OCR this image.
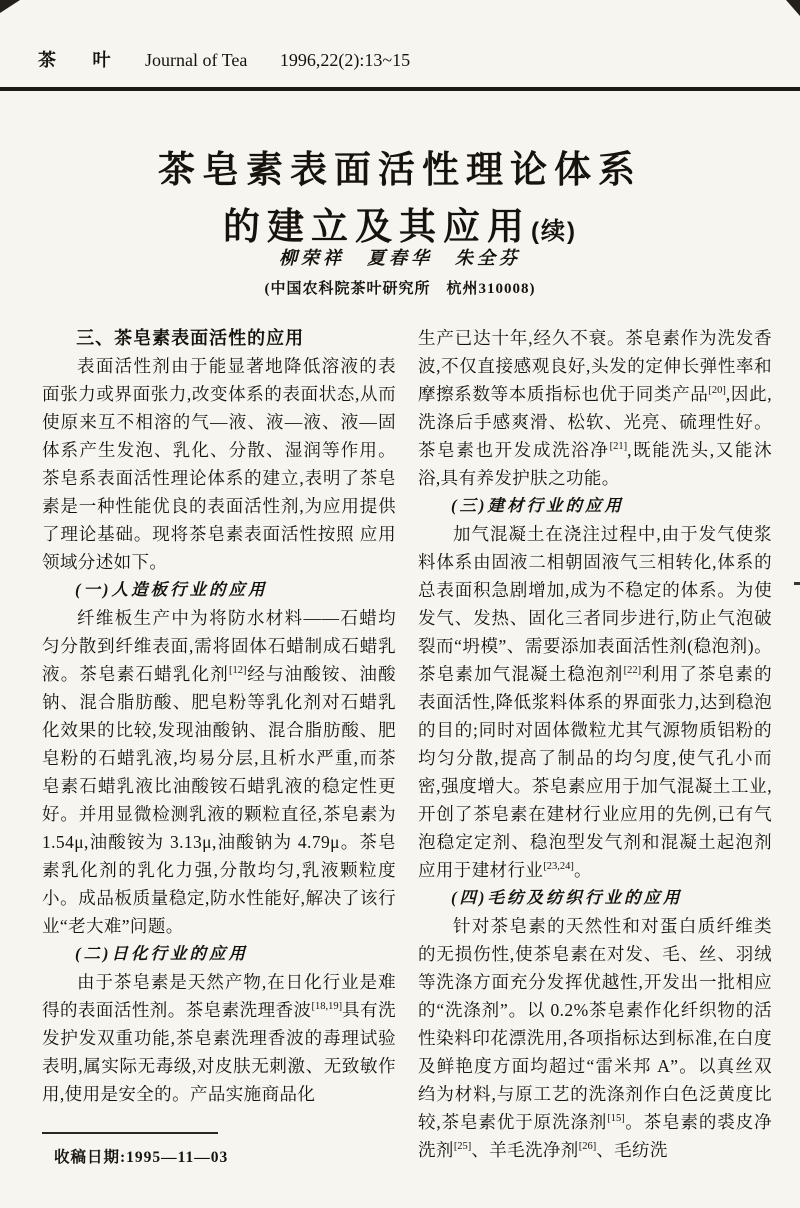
茶 叶 Journal of Tea 1996,22(2):13~15
茶皂素表面活性理论体系
的建立及其应用(续)
柳荣祥　夏春华　朱全芬
(中国农科院茶叶研究所　杭州310008)
三、茶皂素表面活性的应用

表面活性剂由于能显著地降低溶液的表面张力或界面张力,改变体系的表面状态,从而使原来互不相溶的气—液、液—液、液—固体系产生发泡、乳化、分散、湿润等作用。茶皂系表面活性理论体系的建立,表明了茶皂素是一种性能优良的表面活性剂,为应用提供了理论基础。现将茶皂素表面活性按照 应用领域分述如下。

(一)人造板行业的应用

纤维板生产中为将防水材料——石蜡均匀分散到纤维表面,需将固体石蜡制成石蜡乳液。茶皂素石蜡乳化剂[12]经与油酸铵、油酸钠、混合脂肪酸、肥皂粉等乳化剂对石蜡乳化效果的比较,发现油酸钠、混合脂肪酸、肥皂粉的石蜡乳液,均易分层,且析水严重,而茶皂素石蜡乳液比油酸铵石蜡乳液的稳定性更好。并用显微检测乳液的颗粒直径,茶皂素为 1.54μ,油酸铵为 3.13μ,油酸钠为 4.79μ。茶皂素乳化剂的乳化力强,分散均匀,乳液颗粒度小。成品板质量稳定,防水性能好,解决了该行业“老大难”问题。

(二)日化行业的应用

由于茶皂素是天然产物,在日化行业是难得的表面活性剂。茶皂素洗理香波[18,19]具有洗发护发双重功能,茶皂素洗理香波的毒理试验表明,属实际无毒级,对皮肤无刺激、无致敏作用,使用是安全的。产品实施商品化

收稿日期:1995—11—03

生产已达十年,经久不衰。茶皂素作为洗发香波,不仅直接感观良好,头发的定伸长弹性率和摩擦系数等本质指标也优于同类产品[20],因此,洗涤后手感爽滑、松软、光亮、硫理性好。茶皂素也开发成洗浴净[21],既能洗头,又能沐浴,具有养发护肤之功能。

(三)建材行业的应用

加气混凝土在浇注过程中,由于发气使浆料体系由固液二相朝固液气三相转化,体系的总表面积急剧增加,成为不稳定的体系。为使发气、发热、固化三者同步进行,防止气泡破裂而“坍模”、需要添加表面活性剂(稳泡剂)。茶皂素加气混凝土稳泡剂[22]利用了茶皂素的表面活性,降低浆料体系的界面张力,达到稳泡的目的;同时对固体微粒尤其气源物质铝粉的均匀分散,提高了制品的均匀度,使气孔小而密,强度增大。茶皂素应用于加气混凝土工业,开创了茶皂素在建材行业应用的先例,已有气泡稳定定剂、稳泡型发气剂和混凝土起泡剂应用于建材行业[23,24]。

(四)毛纺及纺织行业的应用

针对茶皂素的天然性和对蛋白质纤维类的无损伤性,使茶皂素在对发、毛、丝、羽绒等洗涤方面充分发挥优越性,开发出一批相应的“洗涤剂”。以 0.2%茶皂素作化纤织物的活性染料印花漂洗用,各项指标达到标准,在白度及鲜艳度方面均超过“雷米邦 A”。以真丝双绉为材料,与原工艺的洗涤剂作白色泛黄度比较,茶皂素优于原洗涤剂[15]。茶皂素的裘皮净洗剂[25]、羊毛洗净剂[26]、毛纺洗
